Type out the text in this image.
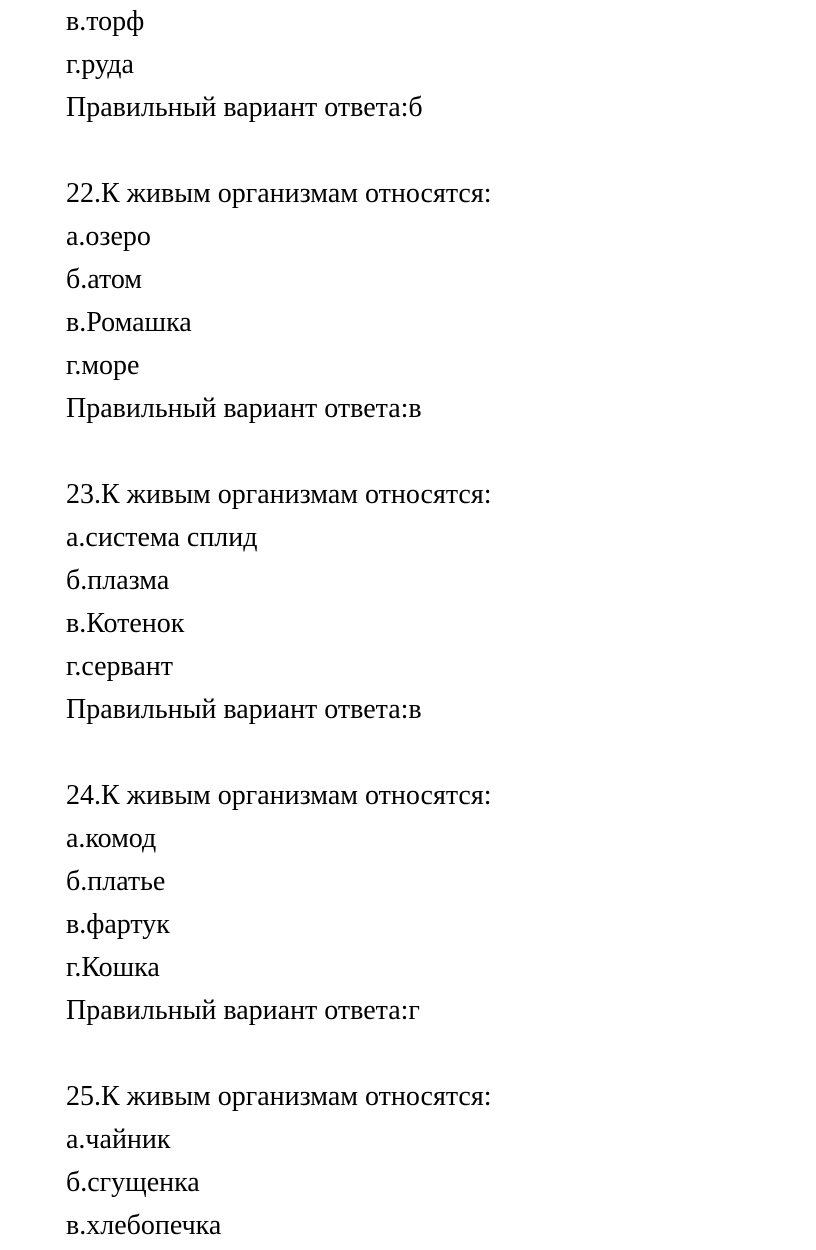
в.торф
г.руда
Правильный вариант ответа:б
22.К живым организмам относятся:
а.озеро
б.атом
в.Ромашка
г.море
Правильный вариант ответа:в
23.К живым организмам относятся:
а.система сплид
б.плазма
в.Котенок
г.сервант
Правильный вариант ответа:в
24.К живым организмам относятся:
а.комод
б.платье
в.фартук
г.Кошка
Правильный вариант ответа:г
25.К живым организмам относятся:
а.чайник
б.сгущенка
в.хлебопечка
